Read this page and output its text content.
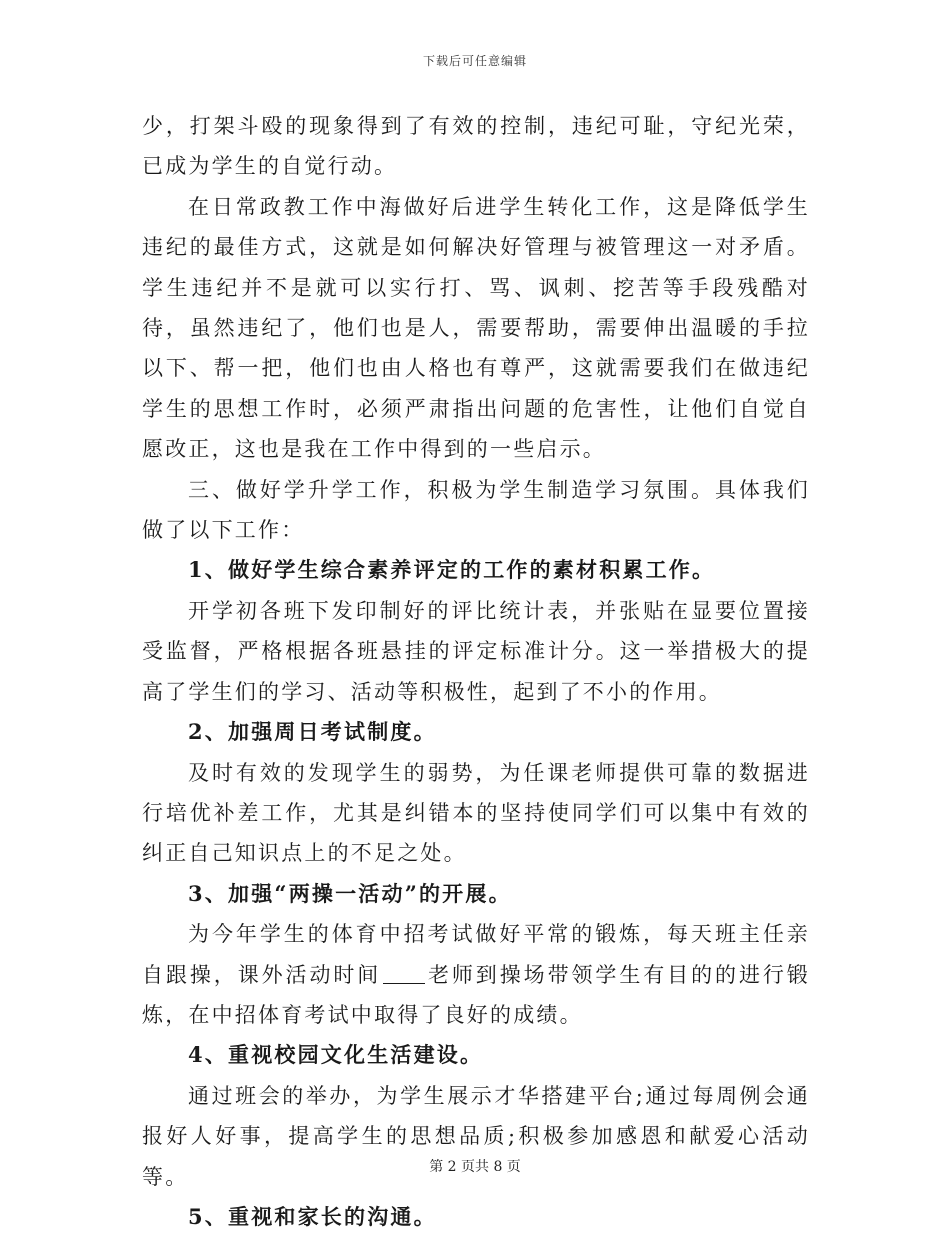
下载后可任意编辑

少，打架斗殴的现象得到了有效的控制，违纪可耻，守纪光荣，已成为学生的自觉行动。

在日常政教工作中海做好后进学生转化工作，这是降低学生违纪的最佳方式，这就是如何解决好管理与被管理这一对矛盾。学生违纪并不是就可以实行打、骂、讽刺、挖苦等手段残酷对待，虽然违纪了，他们也是人，需要帮助，需要伸出温暖的手拉以下、帮一把，他们也由人格也有尊严，这就需要我们在做违纪学生的思想工作时，必须严肃指出问题的危害性，让他们自觉自愿改正，这也是我在工作中得到的一些启示。

三、做好学升学工作，积极为学生制造学习氛围。具体我们做了以下工作：

1、做好学生综合素养评定的工作的素材积累工作。

开学初各班下发印制好的评比统计表，并张贴在显要位置接受监督，严格根据各班悬挂的评定标准计分。这一举措极大的提高了学生们的学习、活动等积极性，起到了不小的作用。

2、加强周日考试制度。

及时有效的发现学生的弱势，为任课老师提供可靠的数据进行培优补差工作，尤其是纠错本的坚持使同学们可以集中有效的纠正自己知识点上的不足之处。

3、加强“两操一活动”的开展。

为今年学生的体育中招考试做好平常的锻炼，每天班主任亲自跟操，课外活动时间 老师到操场带领学生有目的的进行锻炼，在中招体育考试中取得了良好的成绩。

4、重视校园文化生活建设。

通过班会的举办，为学生展示才华搭建平台;通过每周例会通报好人好事，提高学生的思想品质;积极参加感恩和献爱心活动等。

5、重视和家长的沟通。

第 2 页共 8 页
